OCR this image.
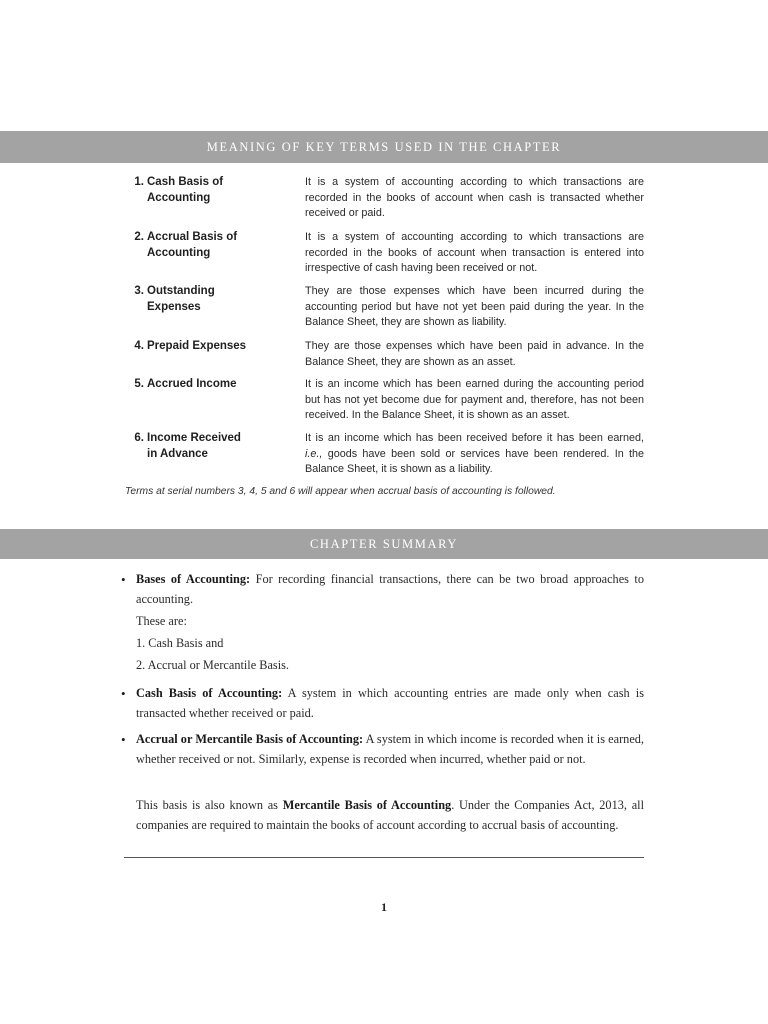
MEANING OF KEY TERMS USED IN THE CHAPTER
1. Cash Basis of
Accounting
It is a system of accounting according to which transactions are recorded in the books of account when cash is transacted whether received or paid.
2. Accrual Basis of
Accounting
It is a system of accounting according to which transactions are recorded in the books of account when transaction is entered into irrespective of cash having been received or not.
3. Outstanding
Expenses
They are those expenses which have been incurred during the accounting period but have not yet been paid during the year. In the Balance Sheet, they are shown as liability.
4. Prepaid Expenses	They are those expenses which have been paid in advance. In the Balance Sheet, they are shown as an asset.
5. Accrued Income	It is an income which has been earned during the accounting period but has not yet become due for payment and, therefore, has not been received. In the Balance Sheet, it is shown as an asset.
6. Income Received
in Advance
It is an income which has been received before it has been earned, i.e., goods have been sold or services have been rendered. In the Balance Sheet, it is shown as a liability.
Terms at serial numbers 3, 4, 5 and 6 will appear when accrual basis of accounting is followed.
CHAPTER SUMMARY
• Bases of Accounting: For recording financial transactions, there can be two broad approaches to accounting.
These are:
1. Cash Basis and
2. Accrual or Mercantile Basis.
• Cash Basis of Accounting: A system in which accounting entries are made only when cash is transacted whether received or paid.
• Accrual or Mercantile Basis of Accounting: A system in which income is recorded when it is earned, whether received or not. Similarly, expense is recorded when incurred, whether paid or not.
This basis is also known as Mercantile Basis of Accounting. Under the Companies Act, 2013, all companies are required to maintain the books of account according to accrual basis of accounting.
1
